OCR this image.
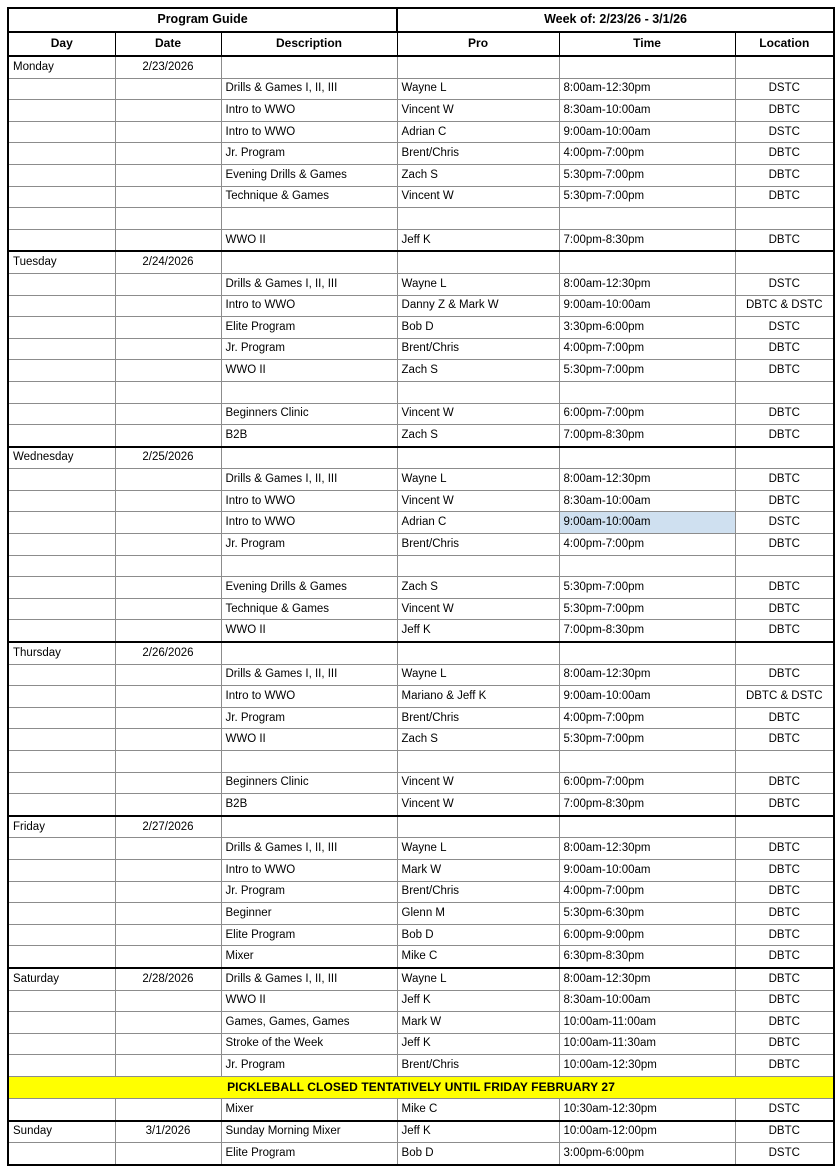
Program Guide			Week of: 2/23/26 - 3/1/26		
Day	Date	Description	Pro	Time	Location
Monday	2/23/2026				
		Drills & Games I, II, III	Wayne L	8:00am-12:30pm	DSTC
		Intro to WWO	Vincent W	8:30am-10:00am	DBTC
		Intro to WWO	Adrian C	9:00am-10:00am	DSTC
		Jr. Program	Brent/Chris	4:00pm-7:00pm	DBTC
		Evening Drills & Games	Zach S	5:30pm-7:00pm	DBTC
		Technique & Games	Vincent W	5:30pm-7:00pm	DBTC

		WWO II	Jeff K	7:00pm-8:30pm	DBTC
Tuesday	2/24/2026				
		Drills & Games I, II, III	Wayne L	8:00am-12:30pm	DSTC
		Intro to WWO	Danny Z & Mark W	9:00am-10:00am	DBTC & DSTC
		Elite Program	Bob D	3:30pm-6:00pm	DSTC
		Jr. Program	Brent/Chris	4:00pm-7:00pm	DBTC
		WWO II	Zach S	5:30pm-7:00pm	DBTC

		Beginners Clinic	Vincent W	6:00pm-7:00pm	DBTC
		B2B	Zach S	7:00pm-8:30pm	DBTC
Wednesday	2/25/2026				
		Drills & Games I, II, III	Wayne L	8:00am-12:30pm	DBTC
		Intro to WWO	Vincent W	8:30am-10:00am	DBTC
		Intro to WWO	Adrian C	9:00am-10:00am	DSTC
		Jr. Program	Brent/Chris	4:00pm-7:00pm	DBTC

		Evening Drills & Games	Zach S	5:30pm-7:00pm	DBTC
		Technique & Games	Vincent W	5:30pm-7:00pm	DBTC
		WWO II	Jeff K	7:00pm-8:30pm	DBTC
Thursday	2/26/2026				
		Drills & Games I, II, III	Wayne L	8:00am-12:30pm	DBTC
		Intro to WWO	Mariano & Jeff K	9:00am-10:00am	DBTC & DSTC
		Jr. Program	Brent/Chris	4:00pm-7:00pm	DBTC
		WWO II	Zach S	5:30pm-7:00pm	DBTC

		Beginners Clinic	Vincent W	6:00pm-7:00pm	DBTC
		B2B	Vincent W	7:00pm-8:30pm	DBTC
Friday	2/27/2026				
		Drills & Games I, II, III	Wayne L	8:00am-12:30pm	DBTC
		Intro to WWO	Mark W	9:00am-10:00am	DBTC
		Jr. Program	Brent/Chris	4:00pm-7:00pm	DBTC
		Beginner	Glenn M	5:30pm-6:30pm	DBTC
		Elite Program	Bob D	6:00pm-9:00pm	DBTC
		Mixer	Mike C	6:30pm-8:30pm	DBTC
Saturday	2/28/2026	Drills & Games I, II, III	Wayne L	8:00am-12:30pm	DBTC
		WWO II	Jeff K	8:30am-10:00am	DBTC
		Games, Games, Games	Mark W	10:00am-11:00am	DBTC
		Stroke of the Week	Jeff K	10:00am-11:30am	DBTC
		Jr. Program	Brent/Chris	10:00am-12:30pm	DBTC
PICKLEBALL CLOSED TENTATIVELY UNTIL FRIDAY FEBRUARY 27					
		Mixer	Mike C	10:30am-12:30pm	DSTC
Sunday	3/1/2026	Sunday Morning Mixer	Jeff K	10:00am-12:00pm	DBTC
		Elite Program	Bob D	3:00pm-6:00pm	DSTC
